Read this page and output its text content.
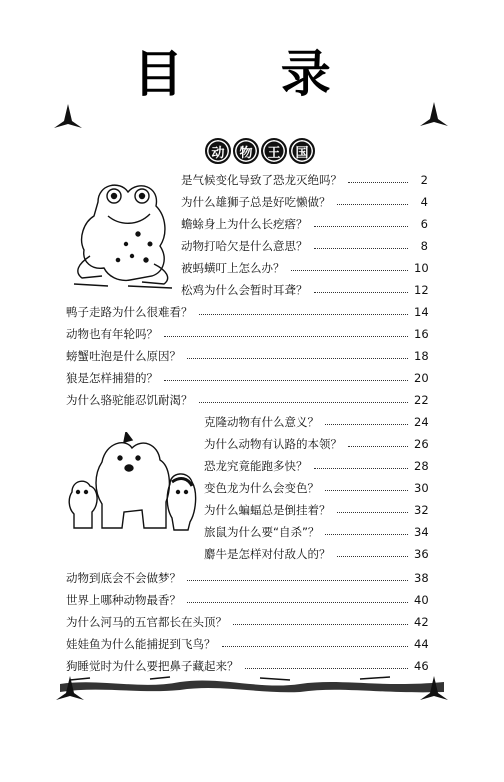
目 录
动	物	王	国
是气候变化导致了恐龙灭绝吗？	2
为什么雄狮子总是好吃懒做？	4
蟾蜍身上为什么长疙瘩？	6
动物打哈欠是什么意思？	8
被蚂蟥叮上怎么办？	10
松鸡为什么会暂时耳聋？	12
鸭子走路为什么很难看？	14
动物也有年轮吗？	16
螃蟹吐泡是什么原因？	18
狼是怎样捕猎的？	20
为什么骆驼能忍饥耐渴？	22
克隆动物有什么意义？	24
为什么动物有认路的本领？	26
恐龙究竟能跑多快？	28
变色龙为什么会变色？	30
为什么蝙蝠总是倒挂着？	32
旅鼠为什么要“自杀”？	34
麝牛是怎样对付敌人的？	36
动物到底会不会做梦？	38
世界上哪种动物最香？	40
为什么河马的五官都长在头顶？	42
娃娃鱼为什么能捕捉到飞鸟？	44
狗睡觉时为什么要把鼻子藏起来？	46
